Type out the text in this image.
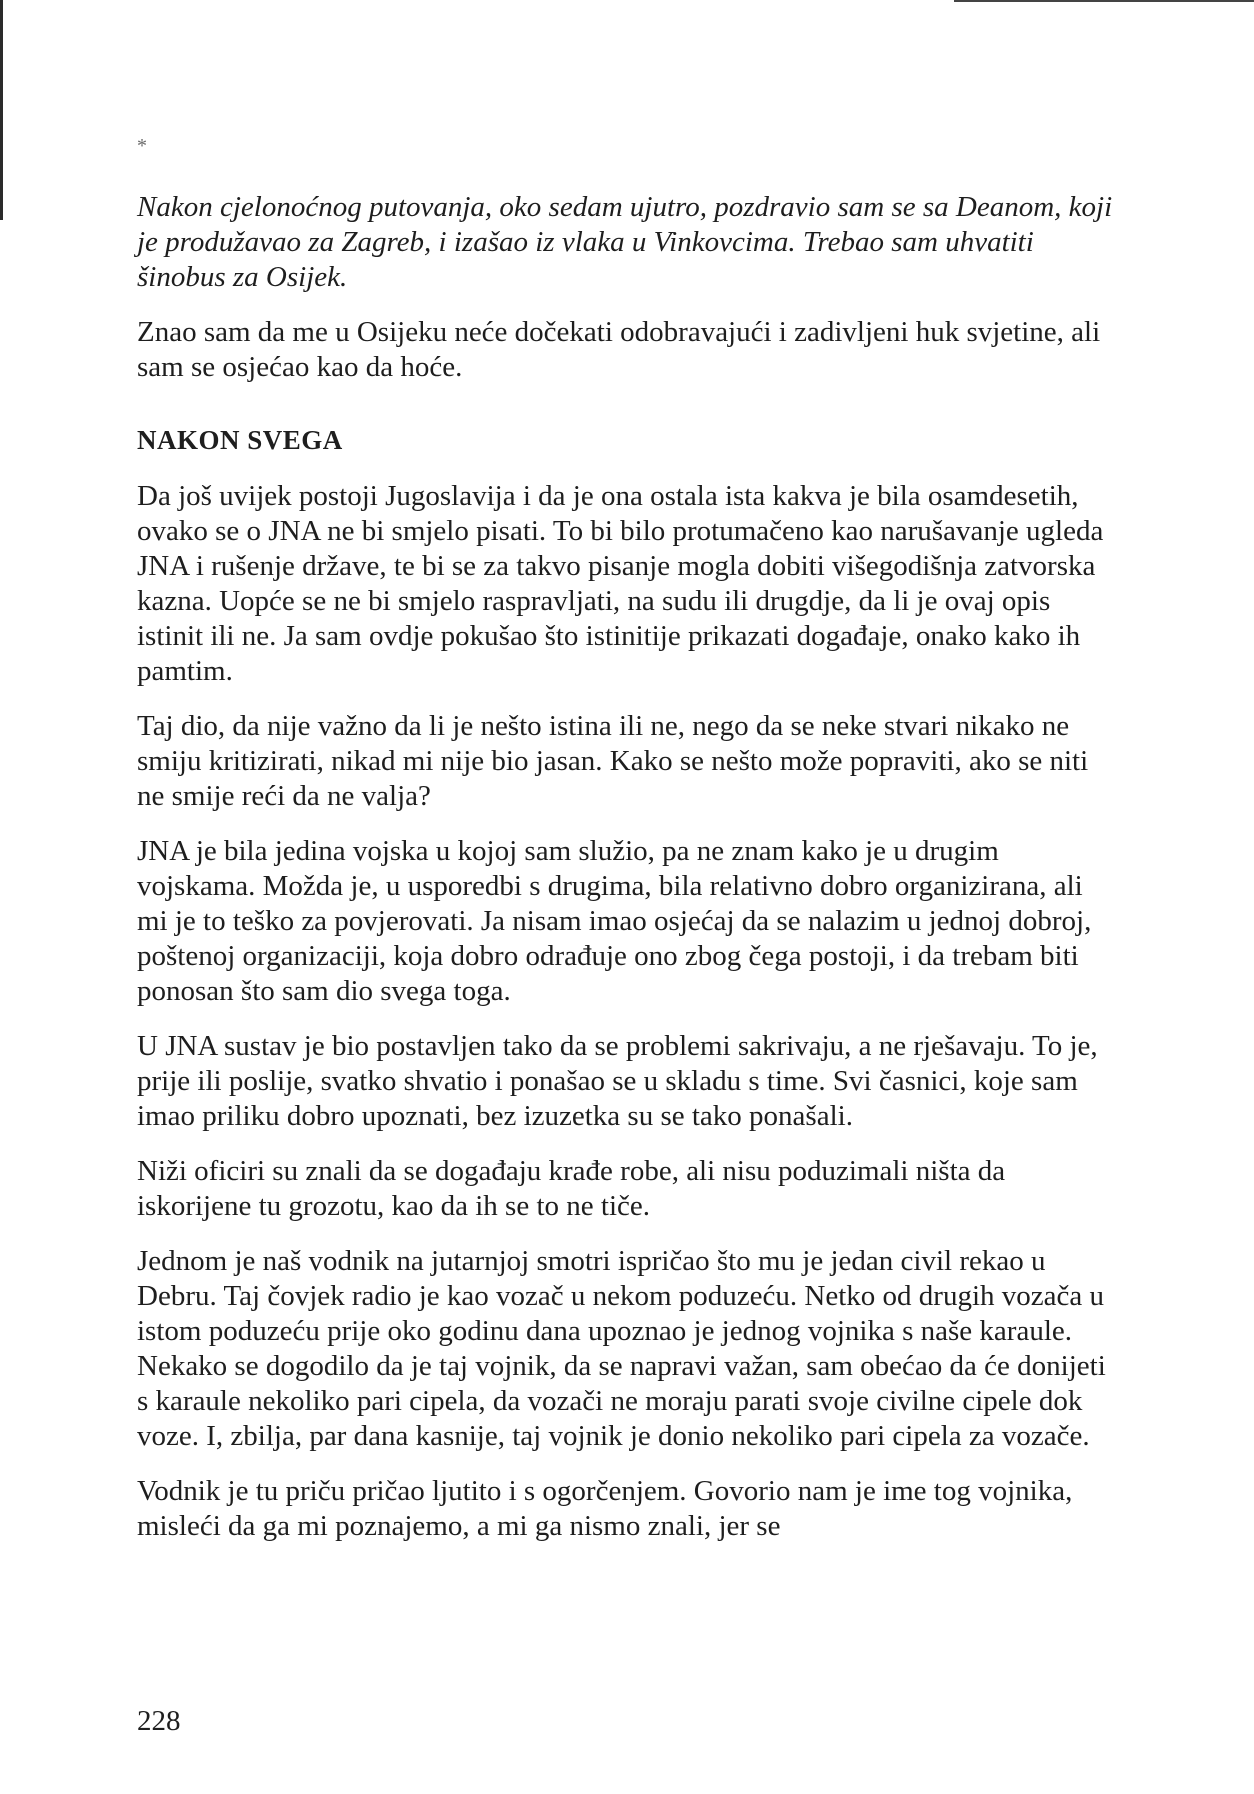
*

Nakon cjelonoćnog putovanja, oko sedam ujutro, pozdravio sam se sa Deanom, koji je produžavao za Zagreb, i izašao iz vlaka u Vinkovcima. Trebao sam uhvatiti šinobus za Osijek.

Znao sam da me u Osijeku neće dočekati odobravajući i zadivljeni huk svjetine, ali sam se osjećao kao da hoće.

NAKON SVEGA

Da još uvijek postoji Jugoslavija i da je ona ostala ista kakva je bila osamdesetih, ovako se o JNA ne bi smjelo pisati. To bi bilo protumačeno kao narušavanje ugleda JNA i rušenje države, te bi se za takvo pisanje mogla dobiti višegodišnja zatvorska kazna. Uopće se ne bi smjelo raspravljati, na sudu ili drugdje, da li je ovaj opis istinit ili ne. Ja sam ovdje pokušao što istinitije prikazati događaje, onako kako ih pamtim.

Taj dio, da nije važno da li je nešto istina ili ne, nego da se neke stvari nikako ne smiju kritizirati, nikad mi nije bio jasan. Kako se nešto može popraviti, ako se niti ne smije reći da ne valja?

JNA je bila jedina vojska u kojoj sam služio, pa ne znam kako je u drugim vojskama. Možda je, u usporedbi s drugima, bila relativno dobro organizirana, ali mi je to teško za povjerovati. Ja nisam imao osjećaj da se nalazim u jednoj dobroj, poštenoj organizaciji, koja dobro odrađuje ono zbog čega postoji, i da trebam biti ponosan što sam dio svega toga.

U JNA sustav je bio postavljen tako da se problemi sakrivaju, a ne rješavaju. To je, prije ili poslije, svatko shvatio i ponašao se u skladu s time. Svi časnici, koje sam imao priliku dobro upoznati, bez izuzetka su se tako ponašali.

Niži oficiri su znali da se događaju krađe robe, ali nisu poduzimali ništa da iskorijene tu grozotu, kao da ih se to ne tiče.

Jednom je naš vodnik na jutarnjoj smotri ispričao što mu je jedan civil rekao u Debru. Taj čovjek radio je kao vozač u nekom poduzeću. Netko od drugih vozača u istom poduzeću prije oko godinu dana upoznao je jednog vojnika s naše karaule. Nekako se dogodilo da je taj vojnik, da se napravi važan, sam obećao da će donijeti s karaule nekoliko pari cipela, da vozači ne moraju parati svoje civilne cipele dok voze. I, zbilja, par dana kasnije, taj vojnik je donio nekoliko pari cipela za vozače.

Vodnik je tu priču pričao ljutito i s ogorčenjem. Govorio nam je ime tog vojnika, misleći da ga mi poznajemo, a mi ga nismo znali, jer se

228
